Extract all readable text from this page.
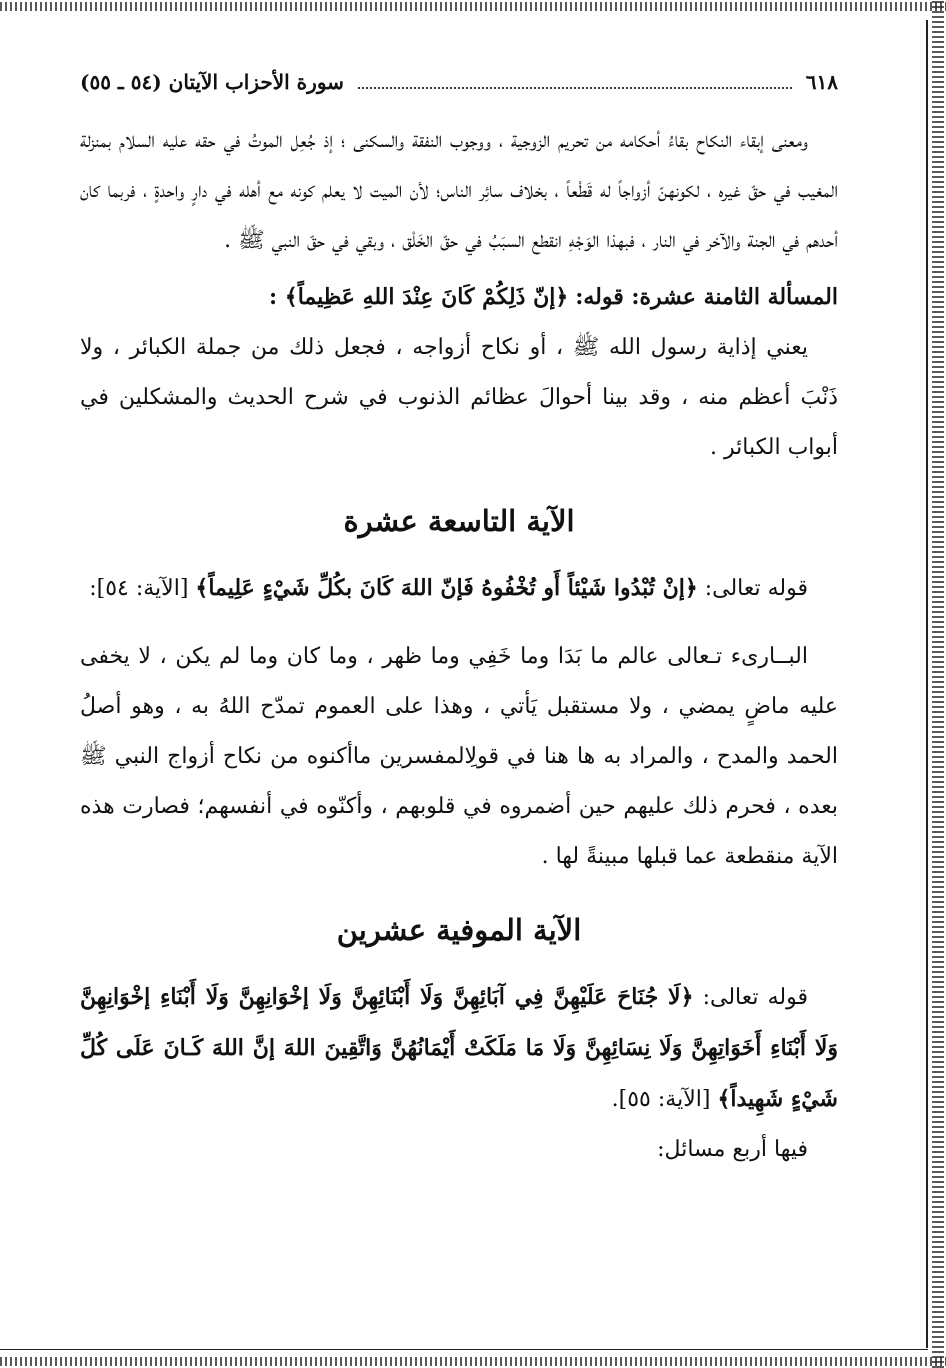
٦١٨
سورة الأحزاب الآيتان (٥٤ ـ ٥٥)

ومعنى إبقاء النكاح بقاءُ أحكامه من تحريم الزوجية ، ووجوب النفقة والسكنى ؛ إذ جُعِل الموتُ في حقه عليه السلام بمنزلة المغيب في حقّ غيره ، لكونهنّ أزواجاً له قَطْعاً ، بخلاف سائِر الناس؛ لأن الميت لا يعلم كونه مع أهله في دارٍ واحدةٍ ، فربما كان أحدهم في الجنة والآخر في النار ، فبهذا الوَجْهِ انقطع السبَبُ في حقّ الخَلْق ، وبقي في حقّ النبي ﷺ .

المسألة الثامنة عشرة: قوله: ﴿إنّ ذَلِكُمْ كَانَ عِنْدَ اللهِ عَظِيماً﴾ :

يعني إذاية رسول الله ﷺ ، أو نكاح أزواجه ، فجعل ذلك من جملة الكبائر ، ولا ذَنْبَ أعظم منه ، وقد بينا أحوالَ عظائم الذنوب في شرح الحديث والمشكلين في أبواب الكبائر .

الآية التاسعة عشرة

قوله تعالى: ﴿إنْ تُبْدُوا شَيْئاً أَو تُخْفُوهُ فَإنّ اللهَ كَانَ بكُلِّ شَيْءٍ عَلِيماً﴾ [الآية: ٥٤]:

البــارىء تـعالى عالم ما بَدَا وما خَفِي وما ظهر ، وما كان وما لم يكن ، لا يخفى عليه ماضٍ يمضي ، ولا مستقبل يَأتي ، وهذا على العموم تمدّح اللهُ به ، وهو أصلُ الحمد والمدح ، والمراد به ها هنا في قولِالمفسرين ماأكنوه من نكاح أزواج النبي ﷺ بعده ، فحرم ذلك عليهم حين أضمروه في قلوبهم ، وأكنّوه في أنفسهم؛ فصارت هذه الآية منقطعة عما قبلها مبينةً لها .

الآية الموفية عشرين

قوله تعالى: ﴿لَا جُنَاحَ عَلَيْهِنَّ فِي آبَائِهِنَّ وَلَا أَبْنَائِهِنَّ وَلَا إخْوَانِهِنَّ وَلَا أَبْنَاءِ إخْوَانِهِنَّ وَلَا أَبْنَاءِ أَخَوَاتِهِنَّ وَلَا نِسَائِهِنَّ وَلَا مَا مَلَكَتْ أَيْمَانُهُنَّ وَاتَّقِينَ اللهَ إنَّ اللهَ كَـانَ عَلَى كُلِّ شَيْءٍ شَهِيداً﴾ [الآية: ٥٥].

فيها أربع مسائل:
